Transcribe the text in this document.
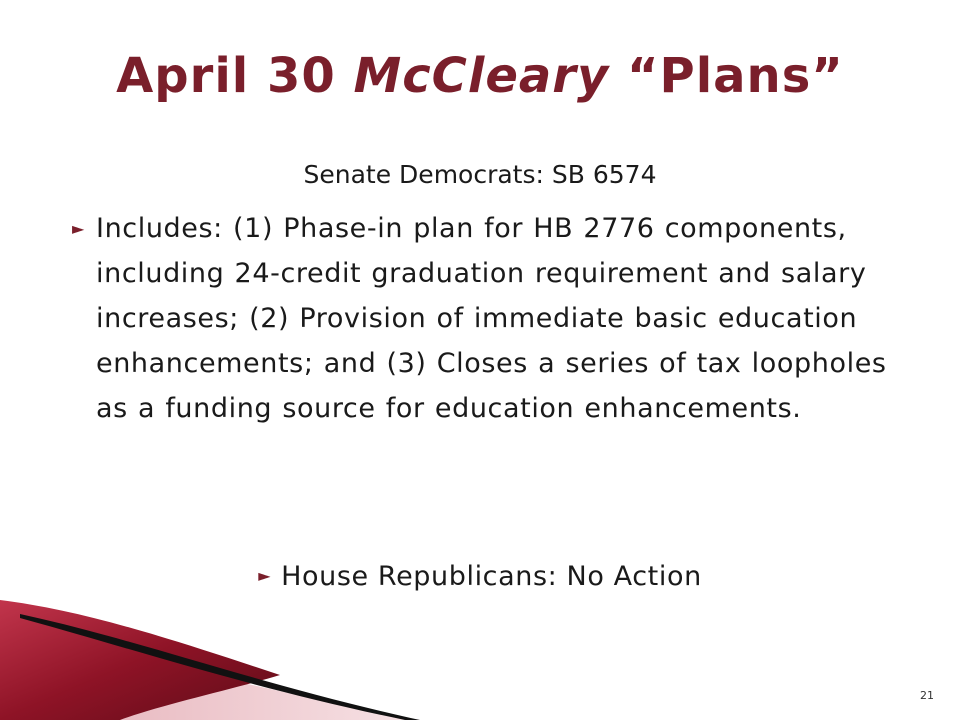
April 30 McCleary “Plans”
Senate Democrats: SB 6574
► Includes: (1) Phase-in plan for HB 2776 components, including 24-credit graduation requirement and salary increases; (2) Provision of immediate basic education enhancements; and (3) Closes a series of tax loopholes as a funding source for education enhancements.
► House Republicans: No Action
21
